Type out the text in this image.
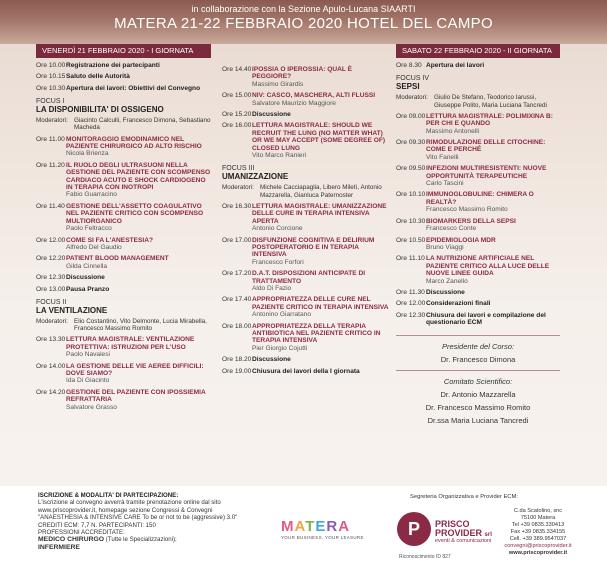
in collaborazione con la Sezione Apulo-Lucana SIAARTI
MATERA 21-22 FEBBRAIO 2020 HOTEL DEL CAMPO
VENERDÌ 21 FEBBRAIO 2020 - I GIORNATA
Ore 10.00 Registrazione dei partecipanti
Ore 10.15 Saluto delle Autorità
Ore 10.30 Apertura dei lavori: Obiettivi del Convegno
FOCUS I
LA DISPONIBILITA' DI OSSIGENO
Moderatori: Giacinto Calculli, Francesco Dimona, Sebastiano Macheda
Ore 11.00 MONITORAGGIO EMODINAMICO NEL PAZIENTE CHIRURGICO AD ALTO RISCHIO
Nicola Brienza
Ore 11.20 IL RUOLO DEGLI ULTRASUONI NELLA GESTIONE DEL PAZIENTE CON SCOMPENSO CARDIACO ACUTO E SHOCK CARDIOGENO IN TERAPIA CON INOTROPI
Fabio Guarracino
Ore 11.40 GESTIONE DELL'ASSETTO COAGULATIVO NEL PAZIENTE CRITICO CON SCOMPENSO MULTIORGANICO
Paolo Feltracco
Ore 12.00 COME SI FA L'ANESTESIA?
Alfredo Del Gaudio
Ore 12.20 PATIENT BLOOD MANAGEMENT
Gilda Cinnella
Ore 12.30 Discussione
Ore 13.00 Pausa Pranzo
FOCUS II
LA VENTILAZIONE
Moderatori: Elio Costantino, Vito Delmonte, Lucia Mirabella, Francesco Massimo Romito
Ore 13.30 LETTURA MAGISTRALE: VENTILAZIONE PROTETTIVA: ISTRUZIONI PER L'USO
Paolo Navalesi
Ore 14.00 LA GESTIONE DELLE VIE AEREE DIFFICILI: DOVE SIAMO?
Ida Di Giacinto
Ore 14.20 GESTIONE DEL PAZIENTE CON IPOSSIEMIA REFRATTARIA
Salvatore Grasso
Ore 14.40 IPOSSIA O IPEROSSIA: QUAL È PEGGIORE?
Massimo Girardis
Ore 15.00 NIV: CASCO, MASCHERA, ALTI FLUSSI
Salvatore Maurizio Maggiore
Ore 15.20 Discussione
Ore 16.00 LETTURA MAGISTRALE: SHOULD WE RECRUIT THE LUNG (NO MATTER WHAT) OR WE MAY ACCEPT (SOME DEGREE OF) CLOSED LUNG
Vito Marco Ranieri
FOCUS III
UMANIZZAZIONE
Moderatori: Michele Cacciapaglia, Libero Miletì, Antonio Mazzarella, Gianluca Paternoster
Ore 16.30 LETTURA MAGISTRALE: UMANIZZAZIONE DELLE CURE IN TERAPIA INTENSIVA APERTA
Antonio Corcione
Ore 17.00 DISFUNZIONE COGNITIVA E DELIRIUM POSTOPERATORIO E IN TERAPIA INTENSIVA
Francesco Forfori
Ore 17.20 D.A.T. DISPOSIZIONI ANTICIPATE DI TRATTAMENTO
Aldo Di Fazio
Ore 17.40 APPROPRIATEZZA DELLE CURE NEL PAZIENTE CRITICO IN TERAPIA INTENSIVA
Antonino Giarratano
Ore 18.00 APPROPRIATEZZA DELLA TERAPIA ANTIBIOTICA NEL PAZIENTE CRITICO IN TERAPIA INTENSIVA
Pier Giorgio Cojutti
Ore 18.20 Discussione
Ore 19.00 Chiusura dei lavori della I giornata
SABATO 22 FEBBRAIO 2020 - II GIORNATA
Ore 8.30 Apertura dei lavori
FOCUS IV
SEPSI
Moderatori: Giulio De Stefano, Teodorico Iarussi, Giuseppe Polito, Maria Luciana Tancredi
Ore 09.00 LETTURA MAGISTRALE: POLIMIXINA B: PER CHI E QUANDO
Massimo Antonelli
Ore 09.30 RIMODULAZIONE DELLE CITOCHINE: COME E PERCHÉ
Vito Fanelli
Ore 09.50 INFEZIONI MULTIRESISTENTI: NUOVE OPPORTUNITÀ TERAPEUTICHE
Carlo Tascini
Ore 10.10 IMMUNOGLOBULINE: CHIMERA O REALTÀ?
Francesco Massimo Romito
Ore 10.30 BIOMARKERS DELLA SEPSI
Francesco Conte
Ore 10.50 EPIDEMIOLOGIA MDR
Bruno Viaggi
Ore 11.10 LA NUTRIZIONE ARTIFICIALE NEL PAZIENTE CRITICO ALLA LUCE DELLE NUOVE LINEE GUIDA
Marco Zanello
Ore 11.30 Discussione
Ore 12.00 Considerazioni finali
Ore 12.30 Chiusura dei lavori e compilazione del questionario ECM
Presidente del Corso:
Dr. Francesco Dimona
Comitato Scientifico:
Dr. Antonio Mazzarella
Dr. Francesco Massimo Romito
Dr.ssa Maria Luciana Tancredi
ISCRIZIONE & MODALITA' DI PARTECIPAZIONE:
L'iscrizione al convegno avverrà tramite prenotazione online dal sito www.priscoprovider.it, homepage sezione Congressi & Convegni "ANAESTHESIA & INTENSIVE CARE To be or not to be (aggressive) 3.0"
CREDITI ECM: 7,7 N. PARTECIPANTI: 150
PROFESSIONI ACCREDITATE:
MEDICO CHIRURGO (Tutte le Specializzazioni);
INFERMIERE
MATERA
YOUR BUSINESS. YOUR LEASURE
Segreteria Organizzativa e Provider ECM:
P	PRISCO PROVIDER srl
eventi & comunicazioni
Riconoscimento ID 827
C.da Scatolino, snc
75100 Matera
Tel +39 0835.330413
Fax +39 0835.334155
Cell. +39 389.9547037
convegni@priscoprovider.it
www.priscoprovider.it
